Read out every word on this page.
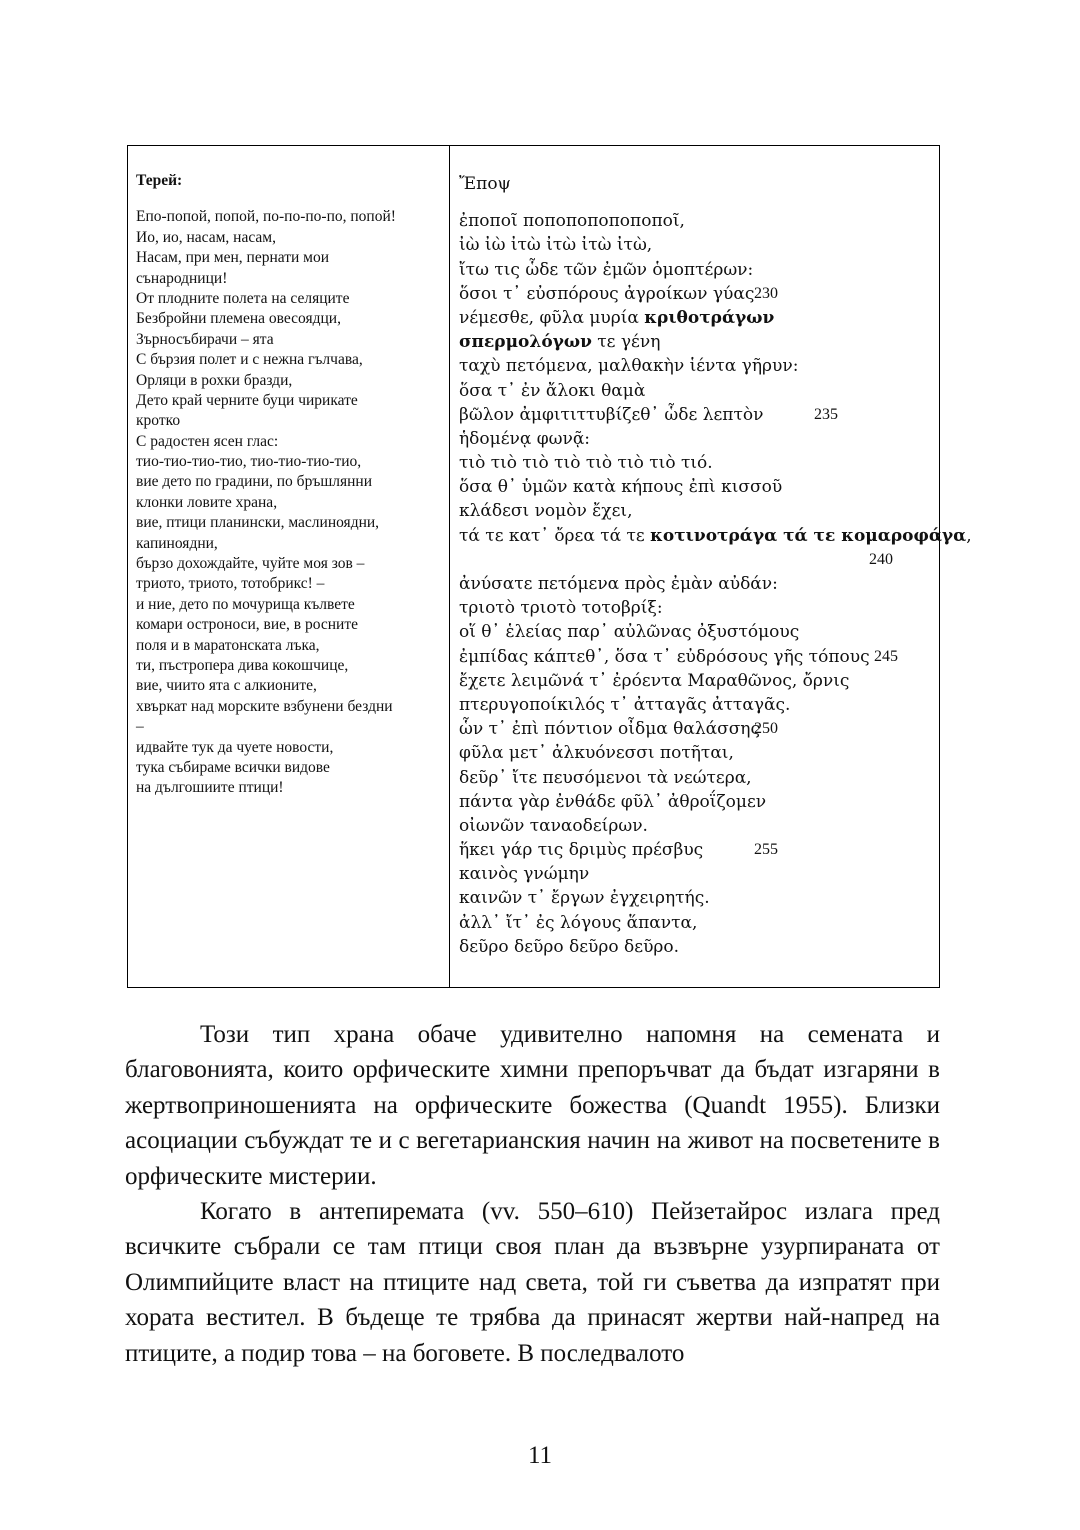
Терей:
Епо-попой, попой, по-по-по-по, попой!
Ио, ио, насам, насам,
Насам, при мен, пернати мои
сънародници!
От плодните полета на селяците
Безбройни племена овесоядци,
Зърносъбирачи – ята
С бързия полет и с нежна гълчава,
Орляци в рохки бразди,
Дето край черните буци чирикате
кротко
С радостен ясен глас:
тио-тио-тио-тио, тио-тио-тио-тио,
вие дето по градини, по бръшлянни
клонки ловите храна,
вие, птици планински, маслиноядни,
капиноядни,
бързо дохождайте, чуйте моя зов –
триото, триото, тотобрикс! –
и ние, дето по мочурища кълвете
комари остроноси, вие, в росните
поля и в маратонската лъка,
ти, пъстропера дива кокошчице,
вие, чиито ята с алкионите,
хвъркат над морските взбунени бездни
–
идвайте тук да чуете новости,
тука събираме всички видове
на дългошиите птици!
Ἔποψ
ἐποποῖ ποποποποποποποῖ,
ἰὼ ἰὼ ἰτὼ ἰτὼ ἰτὼ ἰτὼ,
ἴτω τις ὧδε τῶν ἐμῶν ὁμοπτέρων:
ὅσοι τ᾽ εὐσπόρους ἀγροίκων γύας 230
νέμεσθε, φῦλα μυρία κριθοτράγων
σπερμολόγων τε γένη
ταχὺ πετόμενα, μαλθακὴν ἱέντα γῆρυν:
ὅσα τ᾽ ἐν ἄλοκι θαμὰ
βῶλον ἀμφιτιττυβίζεθ᾽ ὧδε λεπτὸν	235
ἡδομένᾳ φωνᾷ:
τιὸ τιὸ τιὸ τιὸ τιὸ τιὸ τιὸ τιό.
ὅσα θ᾽ ὑμῶν κατὰ κήπους ἐπὶ κισσοῦ
κλάδεσι νομὸν ἔχει,
τά τε κατ᾽ ὄρεα τά τε κοτινοτράγα τά τε κομαροφάγα,
240
ἀνύσατε πετόμενα πρὸς ἐμὰν αὐδάν:
τριοτὸ τριοτὸ τοτοβρίξ:
οἵ θ᾽ ἑλείας παρ᾽ αὐλῶνας ὀξυστόμους
ἐμπίδας κάπτεθ᾽, ὅσα τ᾽ εὐδρόσους γῆς τόπους 245
ἔχετε λειμῶνά τ᾽ ἐρόεντα Μαραθῶνος, ὄρνις
πτερυγοποίκιλός τ᾽ ἀτταγᾶς ἀτταγᾶς.
ὧν τ᾽ ἐπὶ πόντιον οἶδμα θαλάσσης
250
φῦλα μετ᾽ ἀλκυόνεσσι ποτῆται,
δεῦρ᾽ ἴτε πευσόμενοι τὰ νεώτερα,
πάντα γὰρ ἐνθάδε φῦλ᾽ ἀθροΐζομεν
οἰωνῶν ταναοδείρων.
ἥκει γάρ τις δριμὺς πρέσβυς	255
καινὸς γνώμην
καινῶν τ᾽ ἔργων ἐγχειρητής.
ἀλλ᾽ ἴτ᾽ ἐς λόγους ἅπαντα,
δεῦρο δεῦρο δεῦρο δεῦρο.

Този тип храна обаче удивително напомня на семената и благовонията, които орфическите химни препоръчват да бъдат изгаряни в жертвоприношенията на орфическите божества (Quandt 1955). Близки асоциации събуждат те и с вегетарианския начин на живот на посветените в орфическите мистерии.

Когато в антепиремата (vv. 550–610) Пейзетайрос излага пред всичките събрали се там птици своя план да възвърне узурпираната от Олимпийците власт на птиците над света, той ги съветва да изпратят при хората вестител. В бъдеще те трябва да принасят жертви най-напред на птиците, а подир това – на боговете. В последвалото

11
